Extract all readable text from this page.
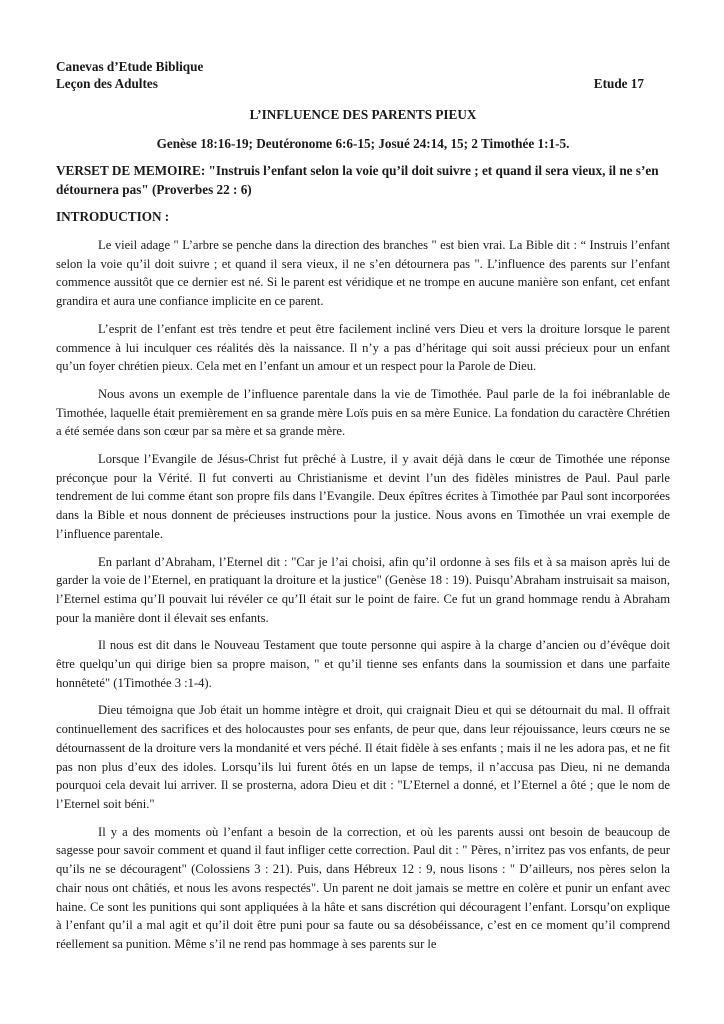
Canevas d’Etude Biblique
Leçon des Adultes	Etude 17
L’INFLUENCE DES PARENTS PIEUX
Genèse 18:16-19; Deutéronome 6:6-15; Josué 24:14, 15; 2 Timothée 1:1-5.
VERSET DE MEMOIRE: "Instruis l’enfant selon la voie qu’il doit suivre ; et quand il sera vieux, il ne s’en détournera pas" (Proverbes 22 : 6)
INTRODUCTION :

Le vieil adage " L’arbre se penche dans la direction des branches " est bien vrai. La Bible dit : “ Instruis l’enfant selon la voie qu’il doit suivre ; et quand il sera vieux, il ne s’en détournera pas ". L’influence des parents sur l’enfant commence aussitôt que ce dernier est né. Si le parent est véridique et ne trompe en aucune manière son enfant, cet enfant grandira et aura une confiance implicite en ce parent.

L’esprit de l’enfant est très tendre et peut être facilement incliné vers Dieu et vers la droiture lorsque le parent commence à lui inculquer ces réalités dès la naissance. Il n’y a pas d’héritage qui soit aussi précieux pour un enfant qu’un foyer chrétien pieux. Cela met en l’enfant un amour et un respect pour la Parole de Dieu.

Nous avons un exemple de l’influence parentale dans la vie de Timothée. Paul parle de la foi inébranlable de Timothée, laquelle était premièrement en sa grande mère Loïs puis en sa mère Eunice. La fondation du caractère Chrétien a été semée dans son cœur par sa mère et sa grande mère.

Lorsque l’Evangile de Jésus-Christ fut prêché à Lustre, il y avait déjà dans le cœur de Timothée une réponse préconçue pour la Vérité. Il fut converti au Christianisme et devint l’un des fidèles ministres de Paul. Paul parle tendrement de lui comme étant son propre fils dans l’Evangile. Deux épîtres écrites à Timothée par Paul sont incorporées dans la Bible et nous donnent de précieuses instructions pour la justice. Nous avons en Timothée un vrai exemple de l’influence parentale.

En parlant d’Abraham, l’Eternel dit : "Car je l’ai choisi, afin qu’il ordonne à ses fils et à sa maison après lui de garder la voie de l’Eternel, en pratiquant la droiture et la justice" (Genèse 18 : 19). Puisqu’Abraham instruisait sa maison, l’Eternel estima qu’Il pouvait lui révéler ce qu’Il était sur le point de faire. Ce fut un grand hommage rendu à Abraham pour la manière dont il élevait ses enfants.

Il nous est dit dans le Nouveau Testament que toute personne qui aspire à la charge d’ancien ou d’évêque doit être quelqu’un qui dirige bien sa propre maison, " et qu’il tienne ses enfants dans la soumission et dans une parfaite honnêteté" (1Timothée 3 :1-4).

Dieu témoigna que Job était un homme intègre et droit, qui craignait Dieu et qui se détournait du mal. Il offrait continuellement des sacrifices et des holocaustes pour ses enfants, de peur que, dans leur réjouissance, leurs cœurs ne se détournassent de la droiture vers la mondanité et vers péché. Il était fidèle à ses enfants ; mais il ne les adora pas, et ne fit pas non plus d’eux des idoles. Lorsqu’ils lui furent ôtés en un lapse de temps, il n’accusa pas Dieu, ni ne demanda pourquoi cela devait lui arriver. Il se prosterna, adora Dieu et dit : "L’Eternel a donné, et l’Eternel a ôté ; que le nom de l’Eternel soit béni."

Il y a des moments où l’enfant a besoin de la correction, et où les parents aussi ont besoin de beaucoup de sagesse pour savoir comment et quand il faut infliger cette correction. Paul dit : " Pères, n’irritez pas vos enfants, de peur qu’ils ne se découragent" (Colossiens 3 : 21). Puis, dans Hébreux 12 : 9, nous lisons : " D’ailleurs, nos pères selon la chair nous ont châtiés, et nous les avons respectés". Un parent ne doit jamais se mettre en colère et punir un enfant avec haine. Ce sont les punitions qui sont appliquées à la hâte et sans discrétion qui découragent l’enfant. Lorsqu’on explique à l’enfant qu’il a mal agit et qu’il doit être puni pour sa faute ou sa désobéissance, c’est en ce moment qu’il comprend réellement sa punition. Même s’il ne rend pas hommage à ses parents sur le
